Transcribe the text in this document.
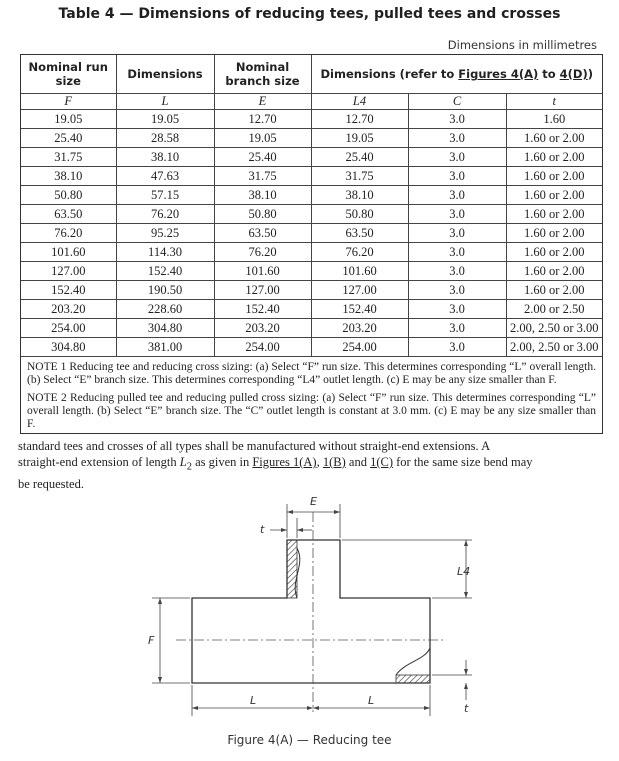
Table 4 — Dimensions of reducing tees, pulled tees and crosses
Dimensions in millimetres
Nominal run size	Dimensions	Nominal branch size	Dimensions (refer to Figures 4(A) to 4(D))		
F	L	E	L4	C	t
19.05	19.05	12.70	12.70	3.0	1.60
25.40	28.58	19.05	19.05	3.0	1.60 or 2.00
31.75	38.10	25.40	25.40	3.0	1.60 or 2.00
38.10	47.63	31.75	31.75	3.0	1.60 or 2.00
50.80	57.15	38.10	38.10	3.0	1.60 or 2.00
63.50	76.20	50.80	50.80	3.0	1.60 or 2.00
76.20	95.25	63.50	63.50	3.0	1.60 or 2.00
101.60	114.30	76.20	76.20	3.0	1.60 or 2.00
127.00	152.40	101.60	101.60	3.0	1.60 or 2.00
152.40	190.50	127.00	127.00	3.0	1.60 or 2.00
203.20	228.60	152.40	152.40	3.0	2.00 or 2.50
254.00	304.80	203.20	203.20	3.0	2.00, 2.50 or 3.00
304.80	381.00	254.00	254.00	3.0	2.00, 2.50 or 3.00

NOTE 1 Reducing tee and reducing cross sizing: (a) Select “F” run size. This determines corresponding “L” overall length. (b) Select “E” branch size. This determines corresponding “L4” outlet length. (c) E may be any size smaller than F.

NOTE 2 Reducing pulled tee and reducing pulled cross sizing: (a) Select “F” run size. This determines corresponding “L” overall length. (b) Select “E” branch size. The “C” outlet length is constant at 3.0 mm. (c) E may be any size smaller than F.					

standard tees and crosses of all types shall be manufactured without straight-end extensions. A
straight-end extension of length $L_2$ as given in Figures 1(A), 1(B) and 1(C) for the same size bend may
be requested.
E
t
L4
F
L	L
t
Figure 4(A) — Reducing tee
